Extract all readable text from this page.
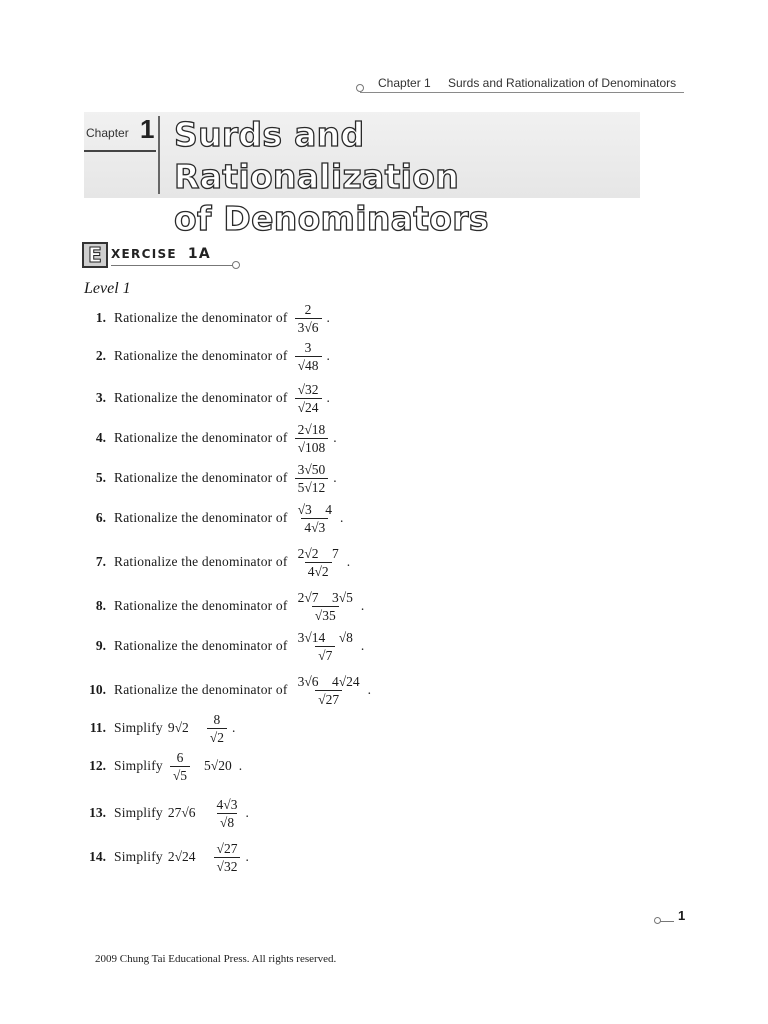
Chapter 1 Surds and Rationalization of Denominators
Chapter 1 Surds and Rationalization
of Denominators
E XERCISE 1A
Level 1
1. Rationalize the denominator of $\frac{2}{3√6}$ .
2. Rationalize the denominator of $\frac{3}{√48}$ .
3. Rationalize the denominator of $\frac{√32}{√24}$ .
4. Rationalize the denominator of $\frac{2√18}{√108}$ .
5. Rationalize the denominator of $\frac{3√50}{5√12}$ .
6. Rationalize the denominator of $\frac{√3 4}{4√3}$ .
7. Rationalize the denominator of $\frac{2√2 7}{4√2}$ .
8. Rationalize the denominator of $\frac{2√7 3√5}{√35}$ .
9. Rationalize the denominator of $\frac{3√14 √8}{√7}$ .
10. Rationalize the denominator of $\frac{3√6 4√24}{√27}$ .
11. Simplify $9√2 \frac{8}{√2}$ .
12. Simplify $\frac{6}{√5} 5√20$ .
13. Simplify $27√6 \frac{4√3}{√8}$ .
14. Simplify $2√24 \frac{√27}{√32}$ .
1
2009 Chung Tai Educational Press. All rights reserved.
